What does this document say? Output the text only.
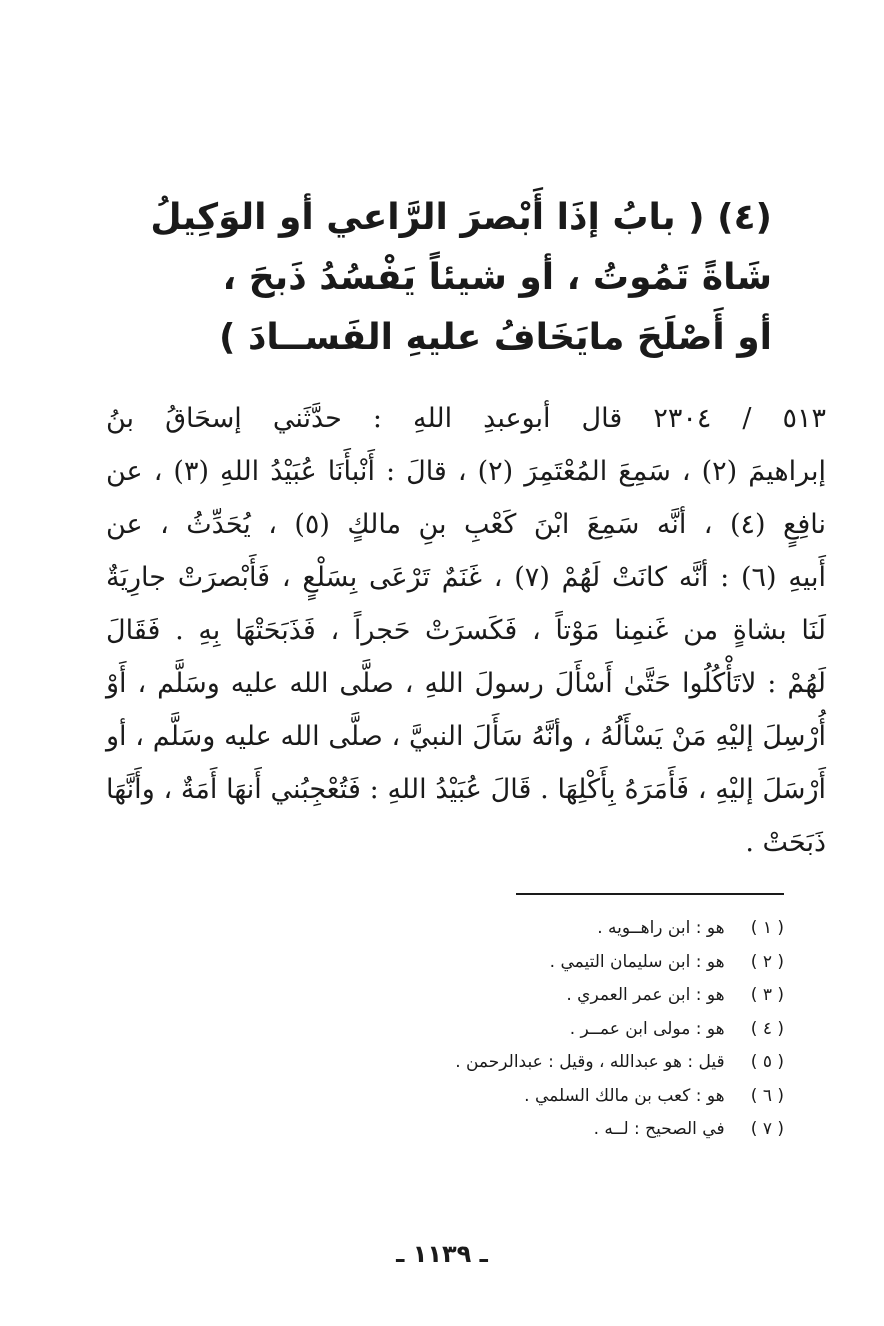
(٤) ( بابُ إذَا أَبْصرَ الرَّاعي أو الوَكِيلُ
شَاةً تَمُوتُ ، أو شيئاً يَفْسُدُ ذَبحَ ،
أو أَصْلَحَ مايَخَافُ عليهِ الفَســادَ )
٥١٣ / ٢٣٠٤ قال أبوعبدِ اللهِ : حدَّثَني إسحَاقُ بنُ
إبراهيمَ (٢) ، سَمِعَ المُعْتَمِرَ (٢) ، قالَ : أَنْبأَنَا عُبَيْدُ اللهِ (٣) ، عن
نافِعٍ (٤) ، أنَّه سَمِعَ ابْنَ كَعْبِ بنِ مالكٍ (٥) ، يُحَدِّثُ ، عن
أَبيهِ (٦) : أنَّه كانَتْ لَهُمْ (٧) ، غَنَمٌ تَرْعَى بِسَلْعٍ ، فَأَبْصرَتْ جارِيَةٌ
لَنَا بشاةٍ من غَنمِنا مَوْتاً ، فَكَسرَتْ حَجراً ، فَذَبَحَتْهَا بِهِ . فَقَالَ
لَهُمْ : لاتَأْكُلُوا حَتَّىٰ أَسْأَلَ رسولَ اللهِ ، صلَّى الله عليه وسَلَّم ، أَوْ
أُرْسِلَ إليْهِ مَنْ يَسْأَلُهُ ، وأنَّهُ سَأَلَ النبيَّ ، صلَّى الله عليه وسَلَّم ، أو
أَرْسَلَ إليْهِ ، فَأَمَرَهُ بِأَكْلِهَا . قَالَ عُبَيْدُ اللهِ : فَتُعْجِبُني أَنهَا أَمَةٌ ، وأَنَّهَا
ذَبَحَتْ .
( ١ ) هو : ابن راهــويه .
( ٢ ) هو : ابن سليمان التيمي .
( ٣ ) هو : ابن عمر العمري .
( ٤ ) هو : مولى ابن عمــر .
( ٥ ) قيل : هو عبدالله ، وقيل : عبدالرحمن .
( ٦ ) هو : كعب بن مالك السلمي .
( ٧ ) في الصحيح : لــه .
ـ ١١٣٩ ـ
